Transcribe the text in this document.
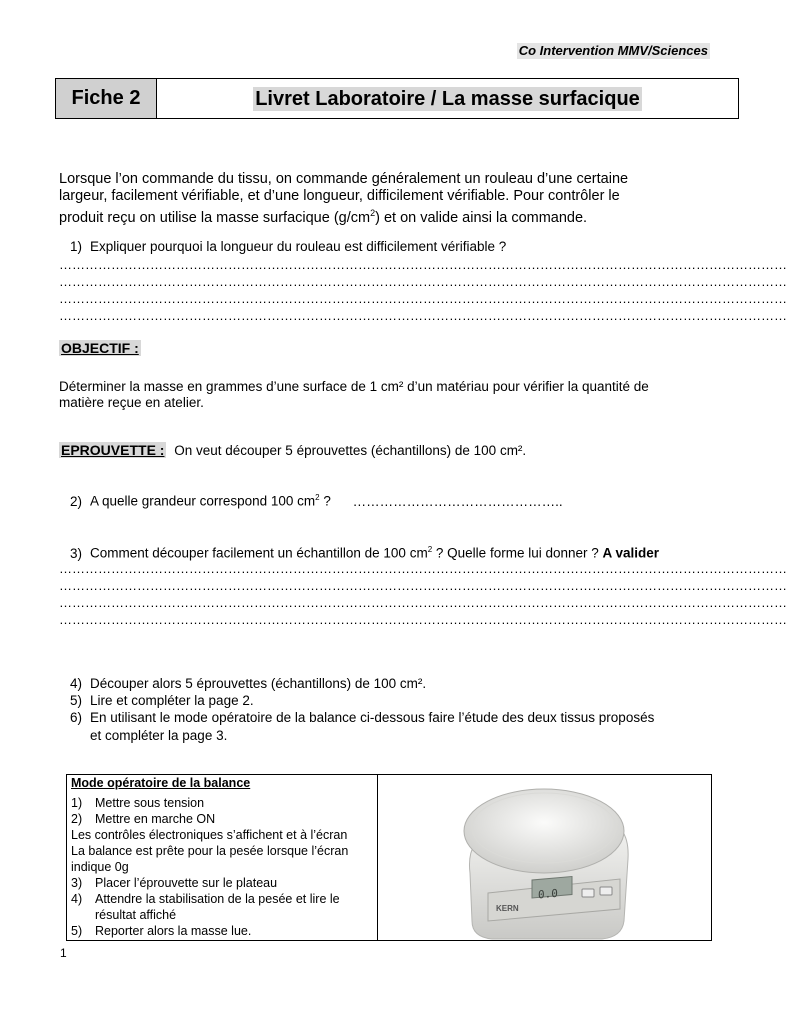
Co Intervention MMV/Sciences
Fiche 2	Livret Laboratoire / La masse surfacique
Lorsque l’on commande du tissu, on commande généralement un rouleau d’une certaine
largeur, facilement vérifiable, et d’une longueur, difficilement vérifiable. Pour contrôler le
produit reçu on utilise la masse surfacique $(g/cm^2)$ et on valide ainsi la commande.
1) Expliquer pourquoi la longueur du rouleau est difficilement vérifiable ?
……………………………………………………………………………………………………………………………………………………
……………………………………………………………………………………………………………………………………………………
……………………………………………………………………………………………………………………………………………………
……………………………………………………………………………………………………………………………………………………
OBJECTIF :
Déterminer la masse en grammes d’une surface de 1 cm² d’un matériau pour vérifier la quantité de
matière reçue en atelier.
EPROUVETTE : On veut découper 5 éprouvettes (échantillons) de 100 cm².
2) A quelle grandeur correspond 100 $cm^2$ ? ………………………………………..
3) Comment découper facilement un échantillon de 100 $cm^2$ ? Quelle forme lui donner ? A valider
……………………………………………………………………………………………………………………………………………………
……………………………………………………………………………………………………………………………………………………
……………………………………………………………………………………………………………………………………………………
……………………………………………………………………………………………………………………………………………………
4) Découper alors 5 éprouvettes (échantillons) de 100 cm².
5) Lire et compléter la page 2.
6) En utilisant le mode opératoire de la balance ci-dessous faire l’étude des deux tissus proposés
et compléter la page 3.
Mode opératoire de la balance
1)	Mettre sous tension
2)	Mettre en marche ON
Les contrôles électroniques s’affichent et à l’écran
La balance est prête pour la pesée lorsque l’écran
indique 0g
3)	Placer l’éprouvette sur le plateau
4)	Attendre la stabilisation de la pesée et lire le
résultat affiché
5)	Reporter alors la masse lue.
0.0
KERN
1
